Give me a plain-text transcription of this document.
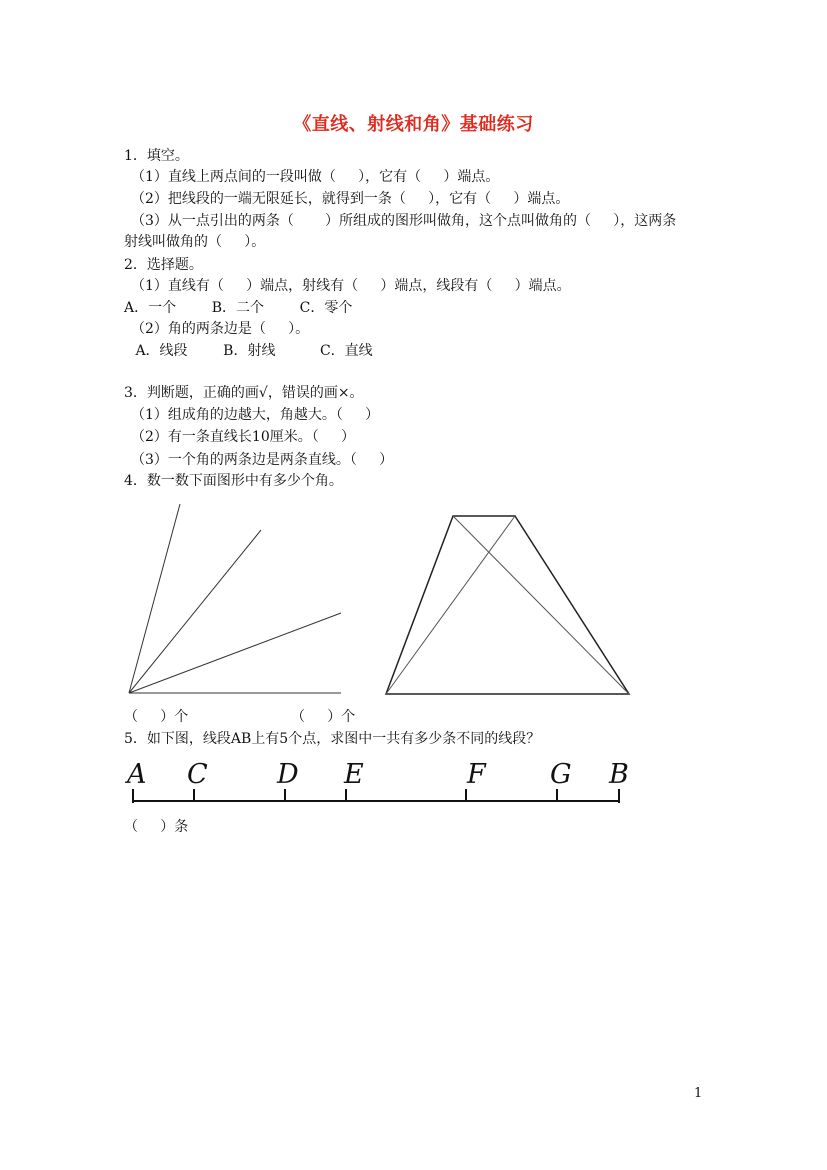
《直线、射线和角》基础练习
1．填空。
（1）直线上两点间的一段叫做（     ），它有（     ）端点。
（2）把线段的一端无限延长，就得到一条（     ），它有（     ）端点。
（3）从一点引出的两条（       ）所组成的图形叫做角，这个点叫做角的（     ），这两条
射线叫做角的（     ）。
2．选择题。
（1）直线有（     ）端点，射线有（     ）端点，线段有（     ）端点。
A．一个        B．二个        C．零个
（2）角的两条边是（     ）。
A．线段        B．射线          C．直线
3．判断题，正确的画√，错误的画×。
（1）组成角的边越大，角越大。（     ）
（2）有一条直线长10厘米。（     ）
（3）一个角的两条边是两条直线。（     ）
4．数一数下面图形中有多少个角。
（     ）个	（     ）个
5．如下图，线段AB上有5个点，求图中一共有多少条不同的线段？
A C	D E	F G B
（     ）条
1
